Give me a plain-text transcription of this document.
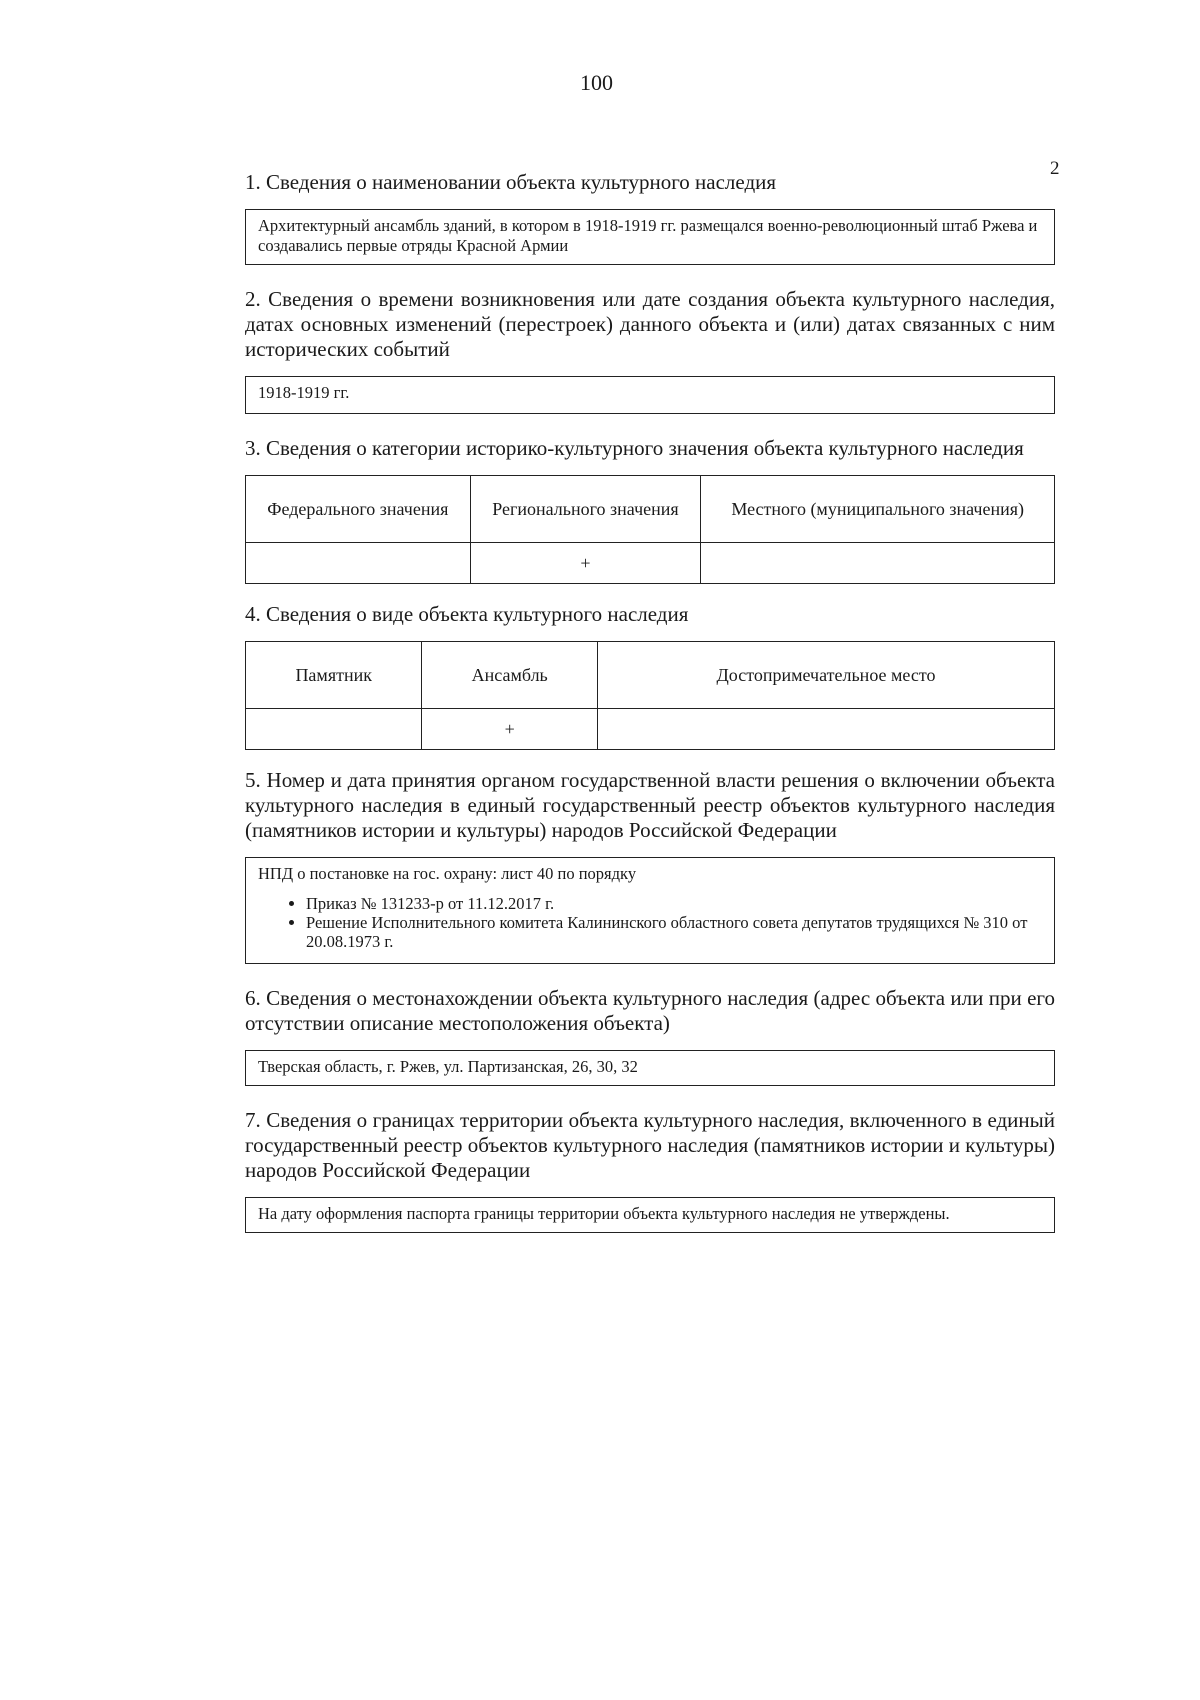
100
2
1. Сведения о наименовании объекта культурного наследия
Архитектурный ансамбль зданий, в котором в 1918-1919 гг. размещался военно-революционный штаб Ржева и создавались первые отряды Красной Армии
2. Сведения о времени возникновения или дате создания объекта культурного наследия, датах основных изменений (перестроек) данного объекта и (или) датах связанных с ним исторических событий
1918-1919 гг.
3. Сведения о категории историко-культурного значения объекта культурного наследия
Федерального значения	Регионального значения	Местного (муниципального значения)
	+	
4. Сведения о виде объекта культурного наследия
Памятник	Ансамбль	Достопримечательное место
	+	
5. Номер и дата принятия органом государственной власти решения о включении объекта культурного наследия в единый государственный реестр объектов культурного наследия (памятников истории и культуры) народов Российской Федерации
НПД о постановке на гос. охрану: лист 40 по порядку
• Приказ № 131233-р от 11.12.2017 г.
• Решение Исполнительного комитета Калининского областного совета депутатов трудящихся № 310 от 20.08.1973 г.
6. Сведения о местонахождении объекта культурного наследия (адрес объекта или при его отсутствии описание местоположения объекта)
Тверская область, г. Ржев, ул. Партизанская, 26, 30, 32
7. Сведения о границах территории объекта культурного наследия, включенного в единый государственный реестр объектов культурного наследия (памятников истории и культуры) народов Российской Федерации
На дату оформления паспорта границы территории объекта культурного наследия не утверждены.
